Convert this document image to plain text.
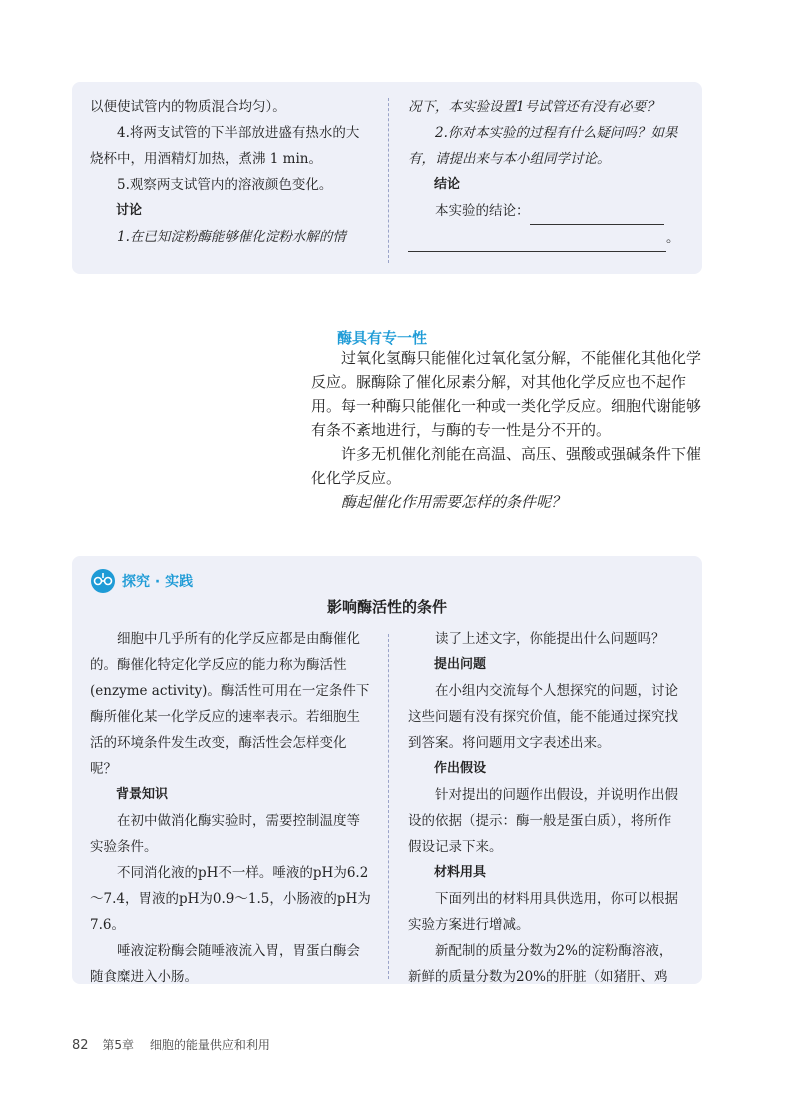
以便使试管内的物质混合均匀）。

4.将两支试管的下半部放进盛有热水的大烧杯中，用酒精灯加热，煮沸 1 min。

5.观察两支试管内的溶液颜色变化。

讨论

1.在已知淀粉酶能够催化淀粉水解的情

况下，本实验设置1号试管还有没有必要？

2.你对本实验的过程有什么疑问吗？如果有，请提出来与本小组同学讨论。

结论

本实验的结论：

。

酶具有专一性

过氧化氢酶只能催化过氧化氢分解，不能催化其他化学反应。脲酶除了催化尿素分解，对其他化学反应也不起作用。每一种酶只能催化一种或一类化学反应。细胞代谢能够有条不紊地进行，与酶的专一性是分不开的。

许多无机催化剂能在高温、高压、强酸或强碱条件下催化化学反应。

酶起催化作用需要怎样的条件呢？

探究 · 实践
影响酶活性的条件

细胞中几乎所有的化学反应都是由酶催化的。酶催化特定化学反应的能力称为酶活性 (enzyme activity)。酶活性可用在一定条件下酶所催化某一化学反应的速率表示。若细胞生活的环境条件发生改变，酶活性会怎样变化呢？

背景知识

在初中做消化酶实验时，需要控制温度等实验条件。

不同消化液的pH不一样。唾液的pH为6.2～7.4，胃液的pH为0.9～1.5，小肠液的pH为7.6。

唾液淀粉酶会随唾液流入胃，胃蛋白酶会随食糜进入小肠。

读了上述文字，你能提出什么问题吗？

提出问题

在小组内交流每个人想探究的问题，讨论这些问题有没有探究价值，能不能通过探究找到答案。将问题用文字表述出来。

作出假设

针对提出的问题作出假设，并说明作出假设的依据（提示：酶一般是蛋白质），将所作假设记录下来。

材料用具

下面列出的材料用具供选用，你可以根据实验方案进行增减。

新配制的质量分数为2%的淀粉酶溶液，新鲜的质量分数为20%的肝脏（如猪肝、鸡

82 第5章 细胞的能量供应和利用
